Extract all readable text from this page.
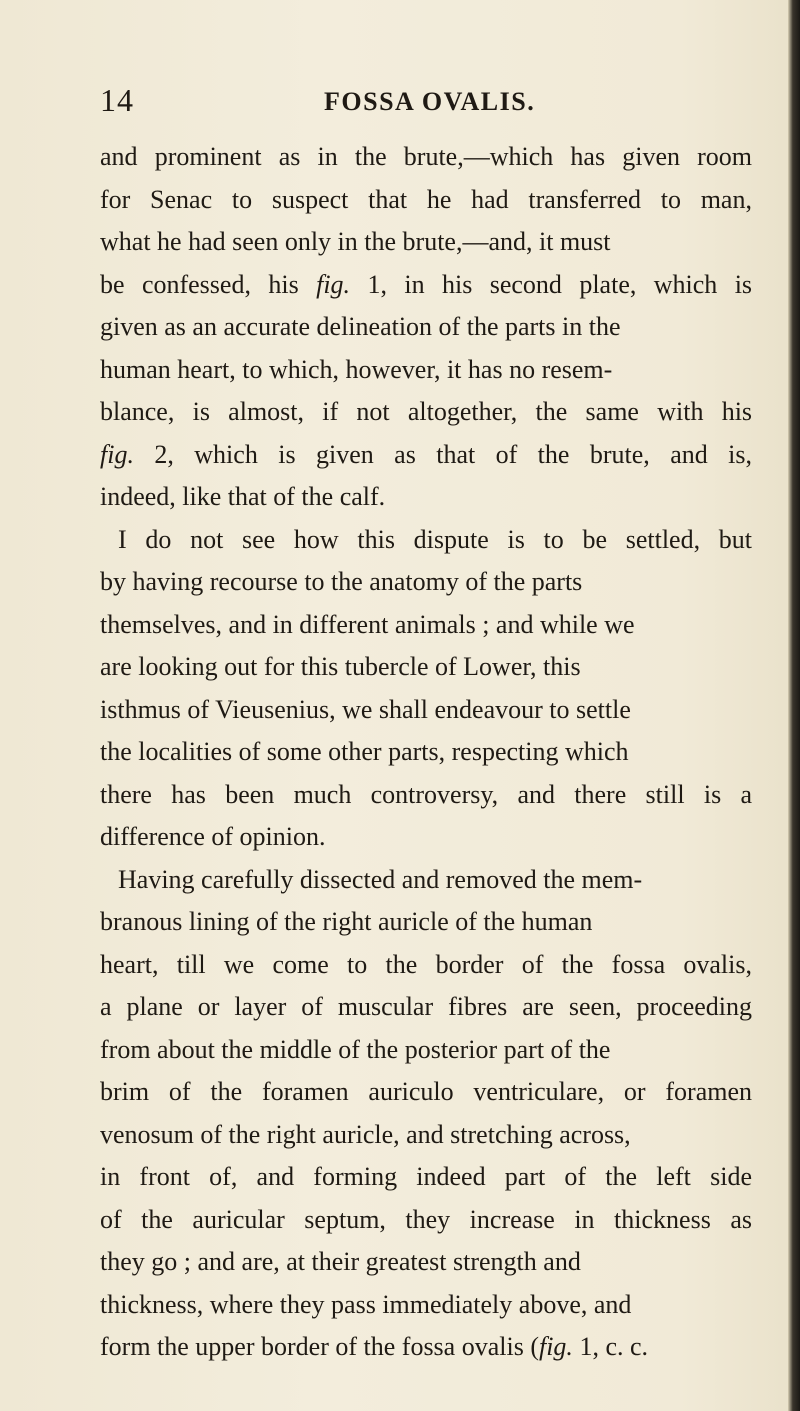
14	FOSSA OVALIS.
and prominent as in the brute,—which has given room
for Senac to suspect that he had transferred to man,
what he had seen only in the brute,—and, it must
be confessed, his fig. 1, in his second plate, which is
given as an accurate delineation of the parts in the
human heart, to which, however, it has no resem-
blance, is almost, if not altogether, the same with his
fig. 2, which is given as that of the brute, and is,
indeed, like that of the calf.
I do not see how this dispute is to be settled, but
by having recourse to the anatomy of the parts
themselves, and in different animals ; and while we
are looking out for this tubercle of Lower, this
isthmus of Vieusenius, we shall endeavour to settle
the localities of some other parts, respecting which
there has been much controversy, and there still is a
difference of opinion.
Having carefully dissected and removed the mem-
branous lining of the right auricle of the human
heart, till we come to the border of the fossa ovalis,
a plane or layer of muscular fibres are seen, proceeding
from about the middle of the posterior part of the
brim of the foramen auriculo ventriculare, or foramen
venosum of the right auricle, and stretching across,
in front of, and forming indeed part of the left side
of the auricular septum, they increase in thickness as
they go ; and are, at their greatest strength and
thickness, where they pass immediately above, and
form the upper border of the fossa ovalis (fig. 1, c. c.
